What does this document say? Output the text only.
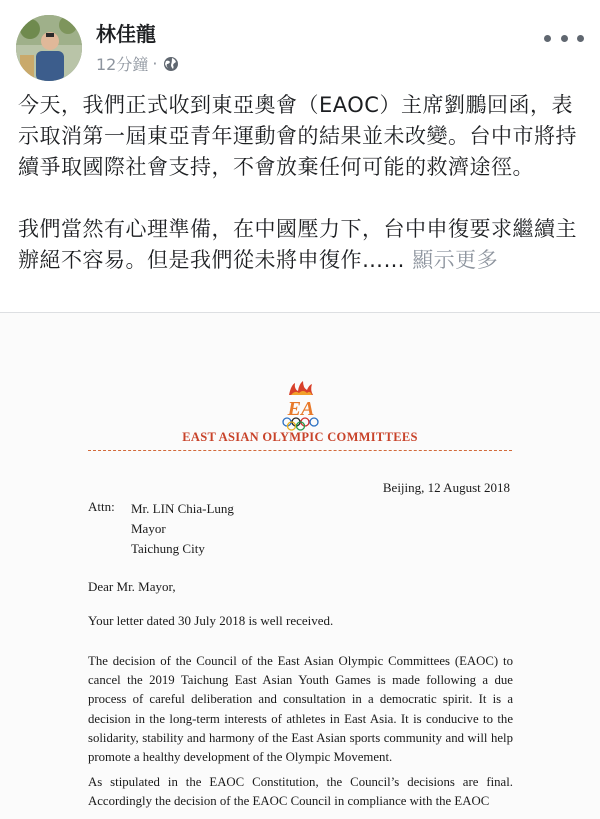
林佳龍
12分鐘 ·

今天，我們正式收到東亞奧會（EAOC）主席劉鵬回函，表示取消第一屆東亞青年運動會的結果並未改變。台中市將持續爭取國際社會支持，不會放棄任何可能的救濟途徑。

我們當然有心理準備，在中國壓力下，台中申復要求繼續主辦絕不容易。但是我們從未將申復作…… 顯示更多

EA
EAST ASIAN OLYMPIC COMMITTEES
Beijing, 12 August 2018
Attn: Mr. LIN Chia-Lung
Mayor
Taichung City
Dear Mr. Mayor,
Your letter dated 30 July 2018 is well received.
The decision of the Council of the East Asian Olympic Committees (EAOC) to cancel the 2019 Taichung East Asian Youth Games is made following a due process of careful deliberation and consultation in a democratic spirit. It is a decision in the long-term interests of athletes in East Asia. It is conducive to the solidarity, stability and harmony of the East Asian sports community and will help promote a healthy development of the Olympic Movement.
As stipulated in the EAOC Constitution, the Council’s decisions are final. Accordingly the decision of the EAOC Council in compliance with the EAOC
